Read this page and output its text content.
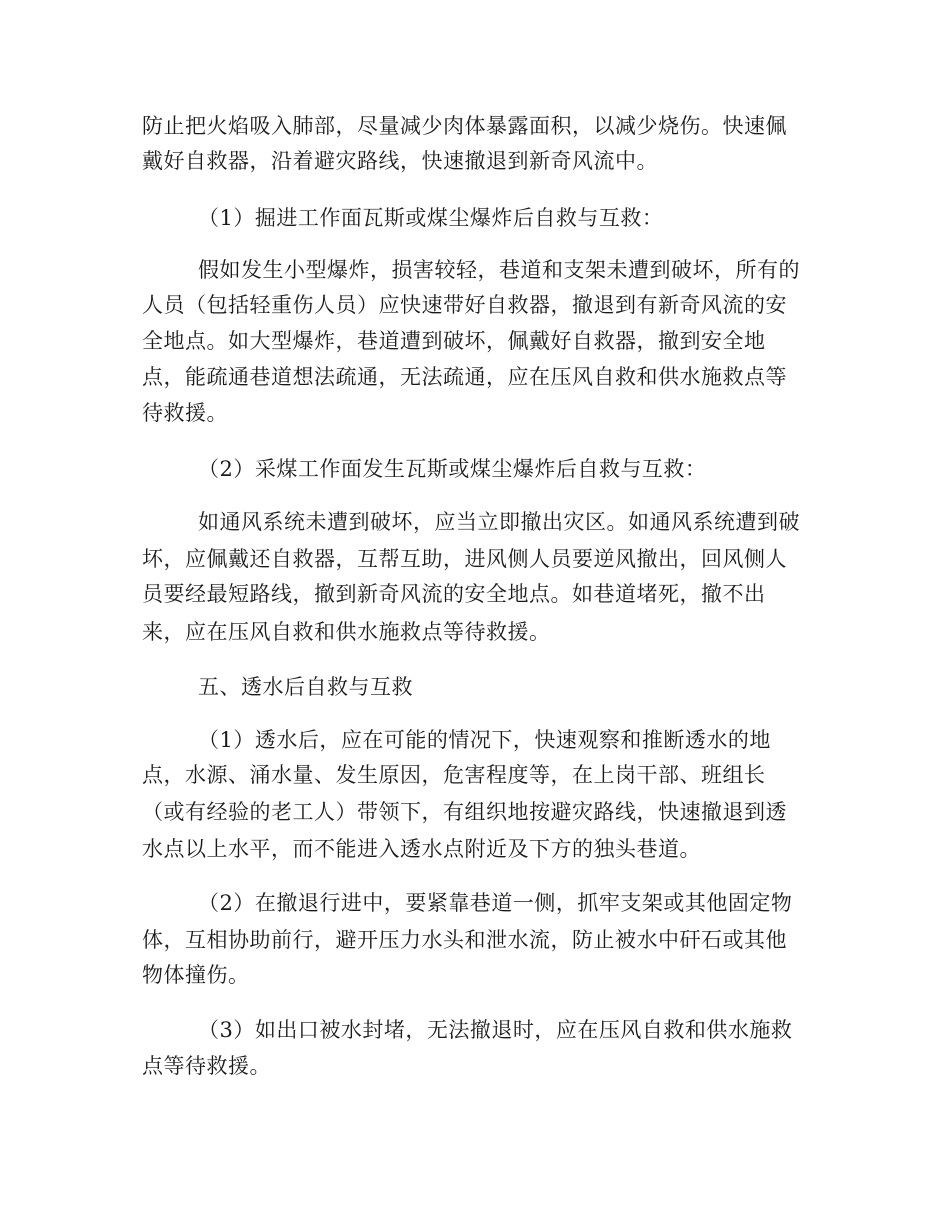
防止把火焰吸入肺部，尽量减少肉体暴露面积，以减少烧伤。快速佩
戴好自救器，沿着避灾路线，快速撤退到新奇风流中。
（1）掘进工作面瓦斯或煤尘爆炸后自救与互救：
假如发生小型爆炸，损害较轻，巷道和支架未遭到破坏，所有的
人员（包括轻重伤人员）应快速带好自救器，撤退到有新奇风流的安
全地点。如大型爆炸，巷道遭到破坏，佩戴好自救器，撤到安全地
点，能疏通巷道想法疏通，无法疏通，应在压风自救和供水施救点等
待救援。
（2）采煤工作面发生瓦斯或煤尘爆炸后自救与互救：
如通风系统未遭到破坏，应当立即撤出灾区。如通风系统遭到破
坏，应佩戴还自救器，互帮互助，进风侧人员要逆风撤出，回风侧人
员要经最短路线，撤到新奇风流的安全地点。如巷道堵死，撤不出
来，应在压风自救和供水施救点等待救援。
五、透水后自救与互救
（1）透水后，应在可能的情况下，快速观察和推断透水的地
点，水源、涌水量、发生原因，危害程度等，在上岗干部、班组长
（或有经验的老工人）带领下，有组织地按避灾路线，快速撤退到透
水点以上水平，而不能进入透水点附近及下方的独头巷道。
（2）在撤退行进中，要紧靠巷道一侧，抓牢支架或其他固定物
体，互相协助前行，避开压力水头和泄水流，防止被水中矸石或其他
物体撞伤。
（3）如出口被水封堵，无法撤退时，应在压风自救和供水施救
点等待救援。
